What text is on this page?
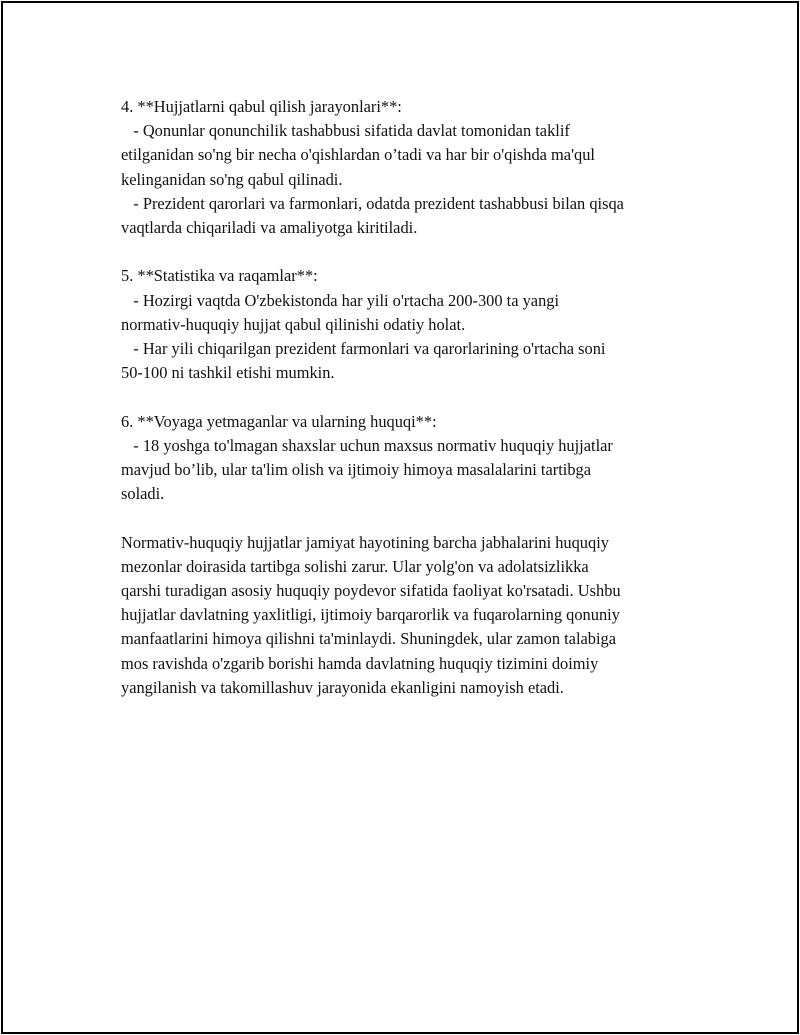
4. **Hujjatlarni qabul qilish jarayonlari**:
- Qonunlar qonunchilik tashabbusi sifatida davlat tomonidan taklif
etilganidan so'ng bir necha o'qishlardan o’tadi va har bir o'qishda ma'qul
kelinganidan so'ng qabul qilinadi.
- Prezident qarorlari va farmonlari, odatda prezident tashabbusi bilan qisqa
vaqtlarda chiqariladi va amaliyotga kiritiladi.
5. **Statistika va raqamlar**:
- Hozirgi vaqtda O'zbekistonda har yili o'rtacha 200-300 ta yangi
normativ-huquqiy hujjat qabul qilinishi odatiy holat.
- Har yili chiqarilgan prezident farmonlari va qarorlarining o'rtacha soni
50-100 ni tashkil etishi mumkin.
6. **Voyaga yetmaganlar va ularning huquqi**:
- 18 yoshga to'lmagan shaxslar uchun maxsus normativ huquqiy hujjatlar
mavjud bo’lib, ular ta'lim olish va ijtimoiy himoya masalalarini tartibga
soladi.
Normativ-huquqiy hujjatlar jamiyat hayotining barcha jabhalarini huquqiy
mezonlar doirasida tartibga solishi zarur. Ular yolg'on va adolatsizlikka
qarshi turadigan asosiy huquqiy poydevor sifatida faoliyat ko'rsatadi. Ushbu
hujjatlar davlatning yaxlitligi, ijtimoiy barqarorlik va fuqarolarning qonuniy
manfaatlarini himoya qilishni ta'minlaydi. Shuningdek, ular zamon talabiga
mos ravishda o'zgarib borishi hamda davlatning huquqiy tizimini doimiy
yangilanish va takomillashuv jarayonida ekanligini namoyish etadi.
